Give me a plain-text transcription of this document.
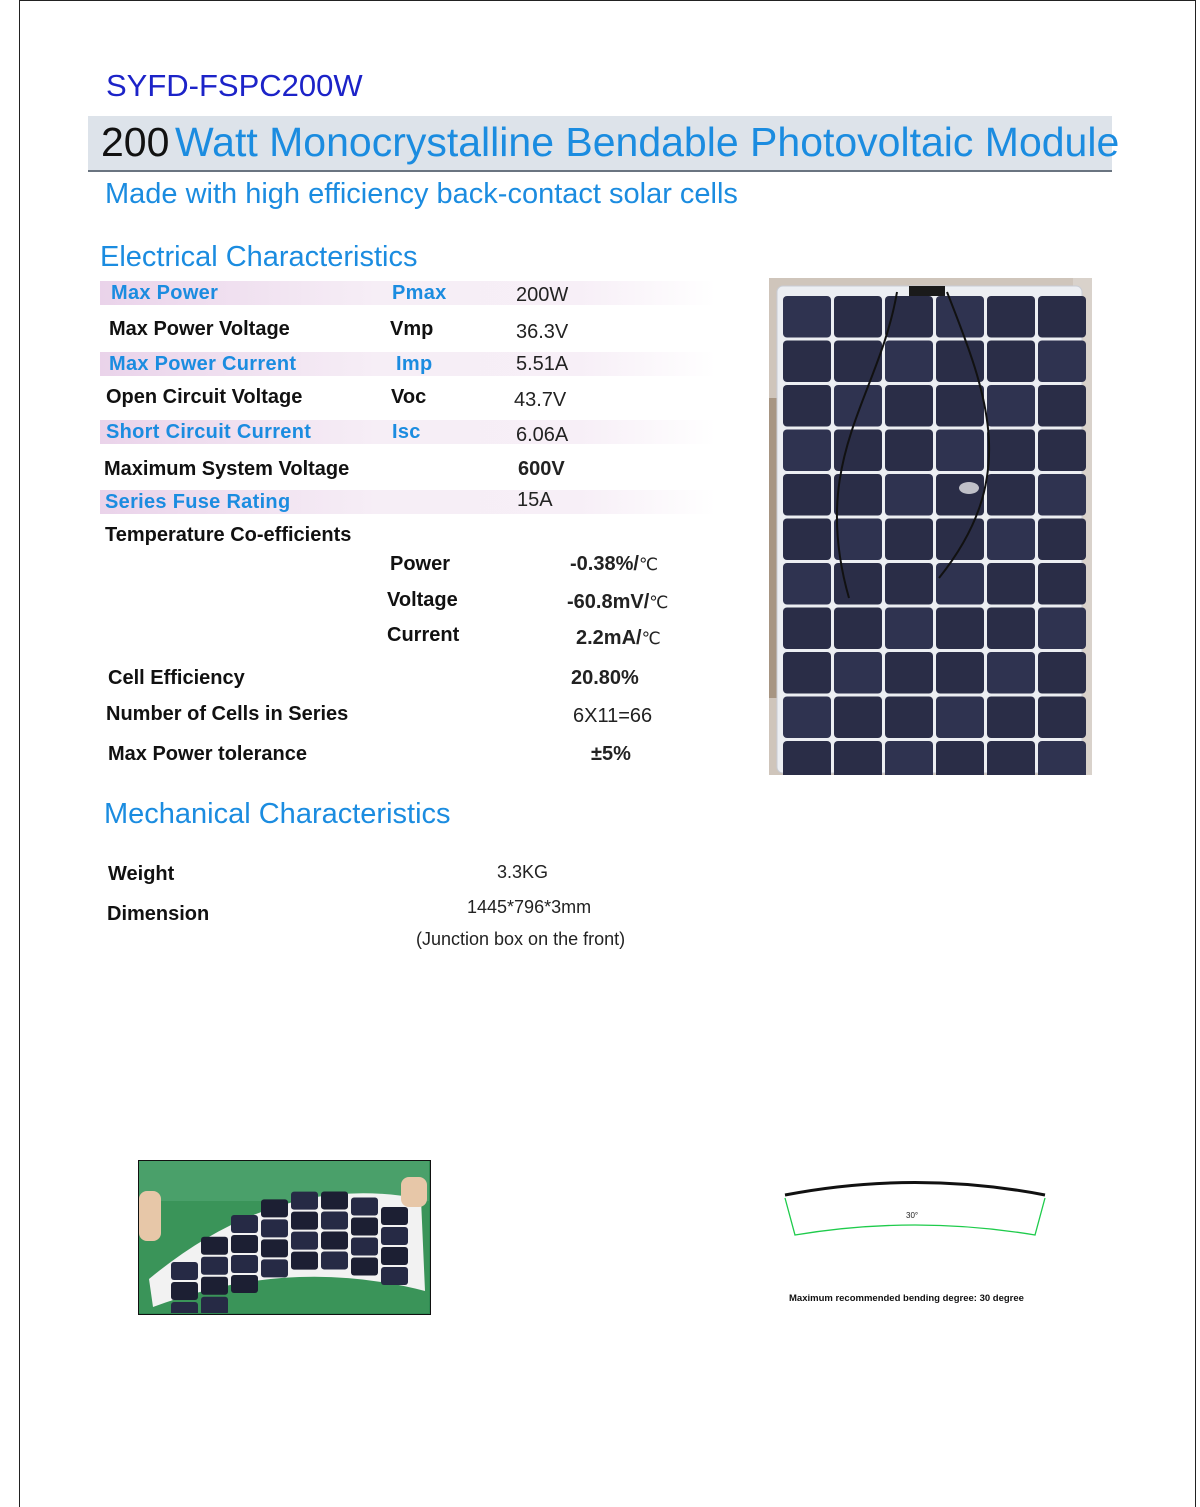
SYFD-FSPC200W
200 Watt Monocrystalline Bendable Photovoltaic Module
Made with high efficiency back-contact solar cells
Electrical Characteristics
Max Power	Pmax	200W
Max Power Voltage	Vmp	36.3V
Max Power Current	Imp	5.51A
Open Circuit Voltage	Voc	43.7V
Short Circuit Current	Isc	6.06A
Maximum System Voltage	600V
Series Fuse Rating	15A
Temperature Co-efficients
Power	-0.38%/℃
Voltage	-60.8mV/℃
Current	2.2mA/℃
Cell Efficiency	20.80%
Number of Cells in Series	6X11=66
Max Power tolerance	±5%
Mechanical Characteristics
Weight	3.3KG
Dimension	1445*796*3mm
(Junction box on the front)
30°
Maximum recommended bending degree: 30 degree
